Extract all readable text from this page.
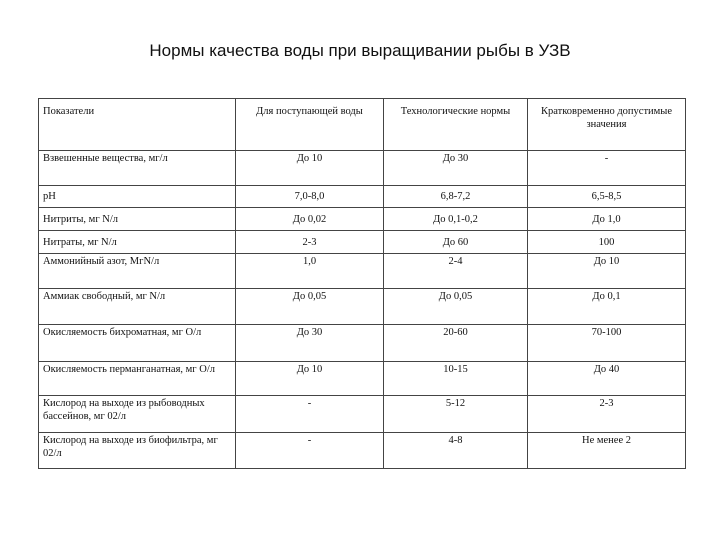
Нормы качества воды при выращивании рыбы в УЗВ
Показатели	Для поступающей воды	Технологические нормы	Кратковременно допустимые значения
Взвешенные вещества, мг/л	До 10	До 30	-
pH	7,0-8,0	6,8-7,2	6,5-8,5
Нитриты, мг N/л	До 0,02	До 0,1-0,2	До 1,0
Нитраты, мг N/л	2-3	До 60	100
Аммонийный азот, МгN/л	1,0	2-4	До 10
Аммиак свободный, мг N/л	До 0,05	До 0,05	До 0,1
Окисляемость бихроматная, мг О/л	До 30	20-60	70-100
Окисляемость перманганатная, мг О/л	До 10	10-15	До 40
Кислород на выходе из рыбоводных бассейнов, мг 02/л	-	5-12	2-3
Кислород на выходе из биофильтра, мг 02/л	-	4-8	Не менее 2
